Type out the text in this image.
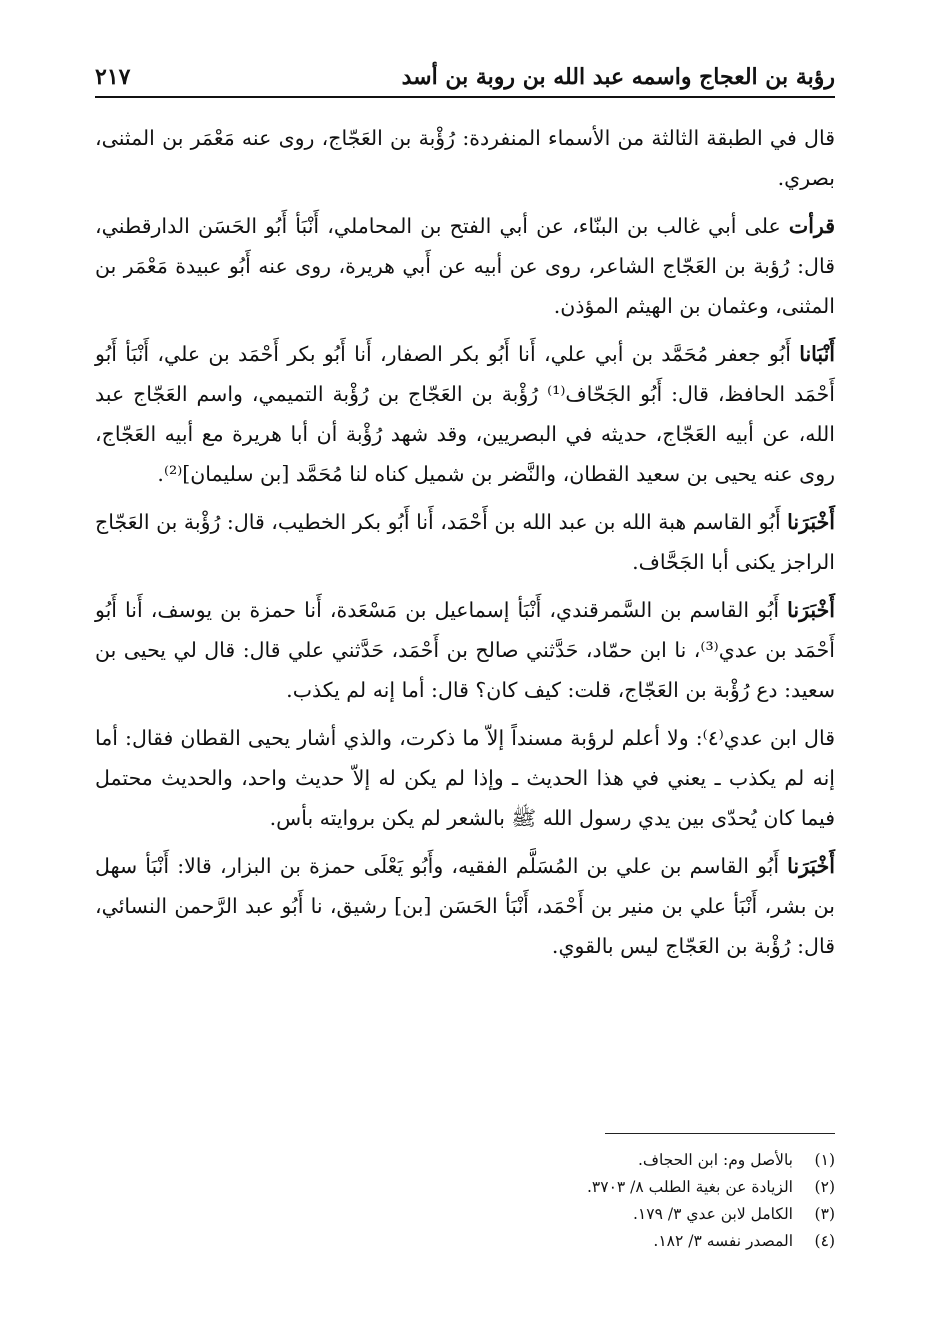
رؤبة بن العجاج واسمه عبد الله بن روبة بن أسد
٢١٧

قال في الطبقة الثالثة من الأسماء المنفردة: رُؤْبة بن العَجّاج، روى عنه مَعْمَر بن المثنى، بصري.

قرأت على أبي غالب بن البنّاء، عن أبي الفتح بن المحاملي، أَنْبَأ أَبُو الحَسَن الدارقطني، قال: رُؤبة بن العَجّاج الشاعر، روى عن أبيه عن أَبي هريرة، روى عنه أَبُو عبيدة مَعْمَر بن المثنى، وعثمان بن الهيثم المؤذن.

أَنْبَانا أَبُو جعفر مُحَمَّد بن أبي علي، أَنا أَبُو بكر الصفار، أَنا أَبُو بكر أَحْمَد بن علي، أَنْبَأ أَبُو أَحْمَد الحافظ، قال: أَبُو الجَحّاف⁽¹⁾ رُؤْبة بن العَجّاج بن رُؤْبة التميمي، واسم العَجّاج عبد الله، عن أبيه العَجّاج، حديثه في البصريين، وقد شهد رُؤْبة أن أبا هريرة مع أبيه العَجّاج، روى عنه يحيى بن سعيد القطان، والنَّضر بن شميل كناه لنا مُحَمَّد [بن سليمان]⁽²⁾.

أَخْبَرَنا أَبُو القاسم هبة الله بن عبد الله بن أَحْمَد، أَنا أَبُو بكر الخطيب، قال: رُؤْبة بن العَجّاج الراجز يكنى أبا الجَحَّاف.

أَخْبَرَنا أَبُو القاسم بن السَّمرقندي، أَنْبَأ إسماعيل بن مَسْعَدة، أَنا حمزة بن يوسف، أَنا أَبُو أَحْمَد بن عدي⁽³⁾، نا ابن حمّاد، حَدَّثني صالح بن أَحْمَد، حَدَّثني علي قال: قال لي يحيى بن سعيد: دع رُؤْبة بن العَجّاج، قلت: كيف كان؟ قال: أما إنه لم يكذب.

قال ابن عدي⁽٤⁾: ولا أعلم لرؤبة مسنداً إلاّ ما ذكرت، والذي أشار يحيى القطان فقال: أما إنه لم يكذب ـ يعني في هذا الحديث ـ وإذا لم يكن له إلاّ حديث واحد، والحديث محتمل فيما كان يُحدّى بين يدي رسول الله ﷺ بالشعر لم يكن بروايته بأس.

أَخْبَرَنا أَبُو القاسم بن علي بن المُسَلَّم الفقيه، وأَبُو يَعْلَى حمزة بن البزار، قالا: أَنْبَأ سهل بن بشر، أَنْبَأ علي بن منير بن أَحْمَد، أَنْبَأ الحَسَن [بن] رشيق، نا أَبُو عبد الرَّحمن النسائي، قال: رُؤْبة بن العَجّاج ليس بالقوي.

(١)
بالأصل وم: ابن الحجاف.
(٢)
الزيادة عن بغية الطلب ٨/ ٣٧٠٣.
(٣)
الكامل لابن عدي ٣/ ١٧٩.
(٤)
المصدر نفسه ٣/ ١٨٢.
